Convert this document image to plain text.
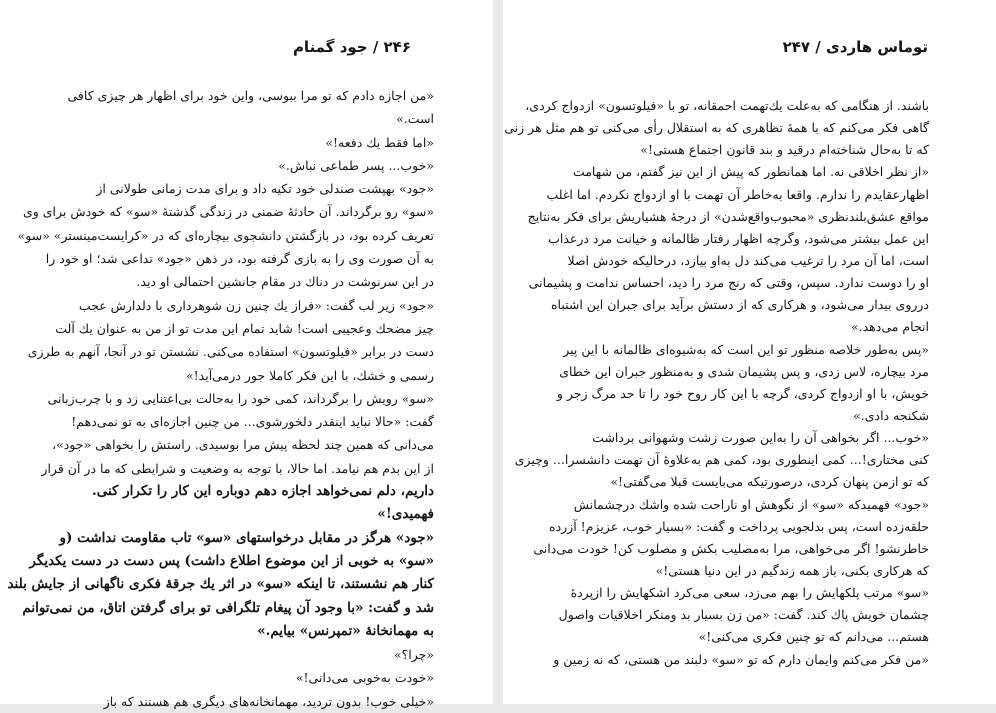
۲۴۶ / جود گمنام

«من اجازه دادم که تو مرا ببوسی، واین خود برای اظهار هر چیزی کافی

است.»

«اما فقط یك دفعه!»

«خوب... پسر طماعی نباش.»

«جود» بهپشت صندلی خود تکیه داد و برای مدت زمانی طولانی از

«سو» رو برگرداند. آن حادثهٔ ضمنی در زندگی گذشتهٔ «سو» که خودش برای وی

تعریف کرده بود، در بازگشتن دانشجوی بیچاره‌ای که در «کرایست‌مینستر» «سو»

به آن صورت وی را به بازی گرفته بود، در ذهن «جود» تداعی شد؛ او خود را

در این سرنوشت در دناك در مقام جانشین احتمالی او دید.

«جود» زیر لب گفت: «فراز یك چنین زن شوهرداری با دلدارش عجب

چیز مضحك وعجیبی است! شاید تمام این مدت تو از من به عنوان یك آلت

دست در برابر «فیلوتسون» استفاده می‌کنی. نشستن تو در آنجا، آنهم به طرزی

رسمی و خشك، با این فکر کاملا جور درمی‌آید!»

«سو» رویش را برگرداند، کمی خود را به‌حالت بی‌اعتنایی زد و با چرب‌زبانی

گفت: «حالا نباید اینقدر دلخورشوی... من چنین اجازه‌ای به تو نمی‌دهم!

می‌دانی که همین چند لحظه پیش مرا بوسیدی. راستش را بخواهی «جود»،

از این بدم هم نیامد. اما حالا، با توجه به وضعیت و شرایطی که ما در آن قرار

داریم، دلم نمی‌خواهد اجازه دهم دوباره این کار را تکرار کنی.

فهمیدی!»

«جود» هرگز در مقابل درخواستهای «سو» تاب مقاومت نداشت (و

«سو» به خوبی از این موضوع اطلاع داشت) پس دست در دست یکدیگر

کنار هم نشستند، تا اینکه «سو» در اثر یك جرقهٔ فکری ناگهانی از جایش بلند

شد و گفت: «با وجود آن پیغام تلگرافی تو برای گرفتن اتاق، من نمی‌توانم

به مهمانخانهٔ «تمپرنس» بیایم.»

«چرا؟»

«خودت به‌خوبی می‌دانی!»

«خیلی خوب! بدون تردید، مهمانخانه‌های دیگری هم هستند که باز

توماس هاردی / ۲۴۷

باشند. از هنگامی که به‌علت یك‌تهمت احمقانه، تو با «فیلوتسون» ازدواج کردی،

گاهی فکر می‌کنم که با همهٔ تظاهری که به استقلال رأی می‌کنی تو هم مثل هر زنی

که تا به‌حال شناخته‌ام درقید و بند قانون اجتماع هستی!»

«از نظر اخلاقی نه. اما همانطور که پیش از این نیز گفتم، من شهامت

اظهارعقایدم را ندارم. واقعا به‌خاطر آن تهمت با او ازدواج نکردم. اما اغلب

مواقع عشق‌بلند‌نظری «محبوب‌واقع‌شدن» از درجهٔ هشیاریش برای فکر به‌نتایج

این عمل بیشتر می‌شود، وگرچه اظهار رفتار ظالمانه و خیانت مرد درعذاب

است، اما آن مرد را ترغیب می‌کند دل به‌او بیازد، درحالیکه خودش اصلا

او را دوست ندارد. سپس، وقتی که رنج مرد را دید، احساس ندامت و پشیمانی

درروی بیدار می‌شود، و هرکاری که از دستش برآید برای جبران این اشتباه

انجام می‌دهد.»

«پس به‌طور خلاصه منظور تو این است که به‌شیوه‌ای ظالمانه با این پیر

مرد بیچاره، لاس زدی، و پس پشیمان شدی و به‌منظور جبران این خطای

خویش، با او ازدواج کردی، گرچه با این کار روح خود را تا حد مرگ زجر و

شکنجه دادی.»

«خوب... اگر بخواهی آن را به‌این صورت زشت وشهوانی برداشت

کنی مختاری!... کمی اینطوری بود، کمی هم به‌علاوهٔ آن تهمت دانشسرا... وچیزی

که تو ازمن پنهان کردی، درصورتیکه می‌بایست قبلا می‌گفتی!»

«جود» فهمیدکه «سو» از نگوهش او ناراحت شده واشك درچشمانش

حلقه‌زده است، پس بدلجویی پرداخت و گفت: «بسیار خوب، عزیزم! آزرده‌

خاطرنشو! اگر می‌خواهی، مرا به‌مصلیب بکش و مصلوب کن! خودت می‌دانی

که هرکاری بکنی، باز همه زندگیم در این دنیا هستی!»

«سو» مرتب پلکهایش را بهم می‌زد، سعی می‌کرد اشکهایش را ازپردهٔ

چشمان خویش پاك کند. گفت: «من زن بسیار بد ومنکر اخلاقیات واصول

هستم... می‌دانم که تو چنین فکری می‌کنی!»

«من فکر می‌کنم وایمان دارم که تو «سو» دلبند من هستی، که نه زمین و
